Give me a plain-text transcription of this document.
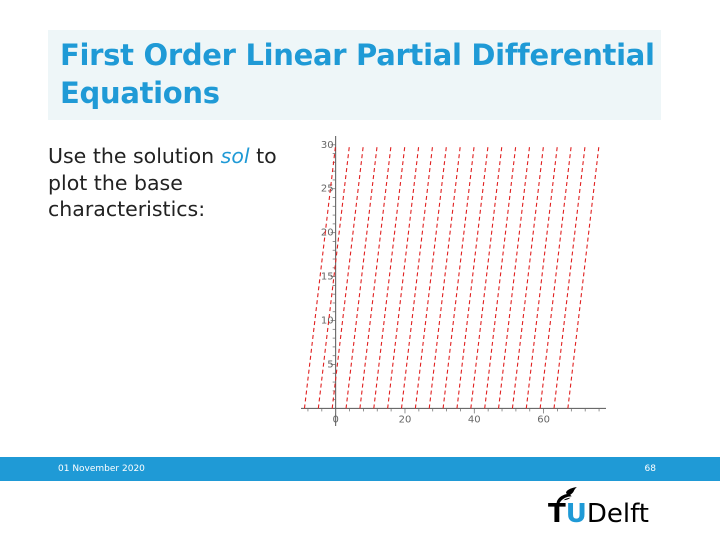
First Order Linear Partial Differential Equations
Use the solution sol to plot the base characteristics:
5
10
15
20
25
30
0	20	40	60
01 November 2020	68
TUDelft
